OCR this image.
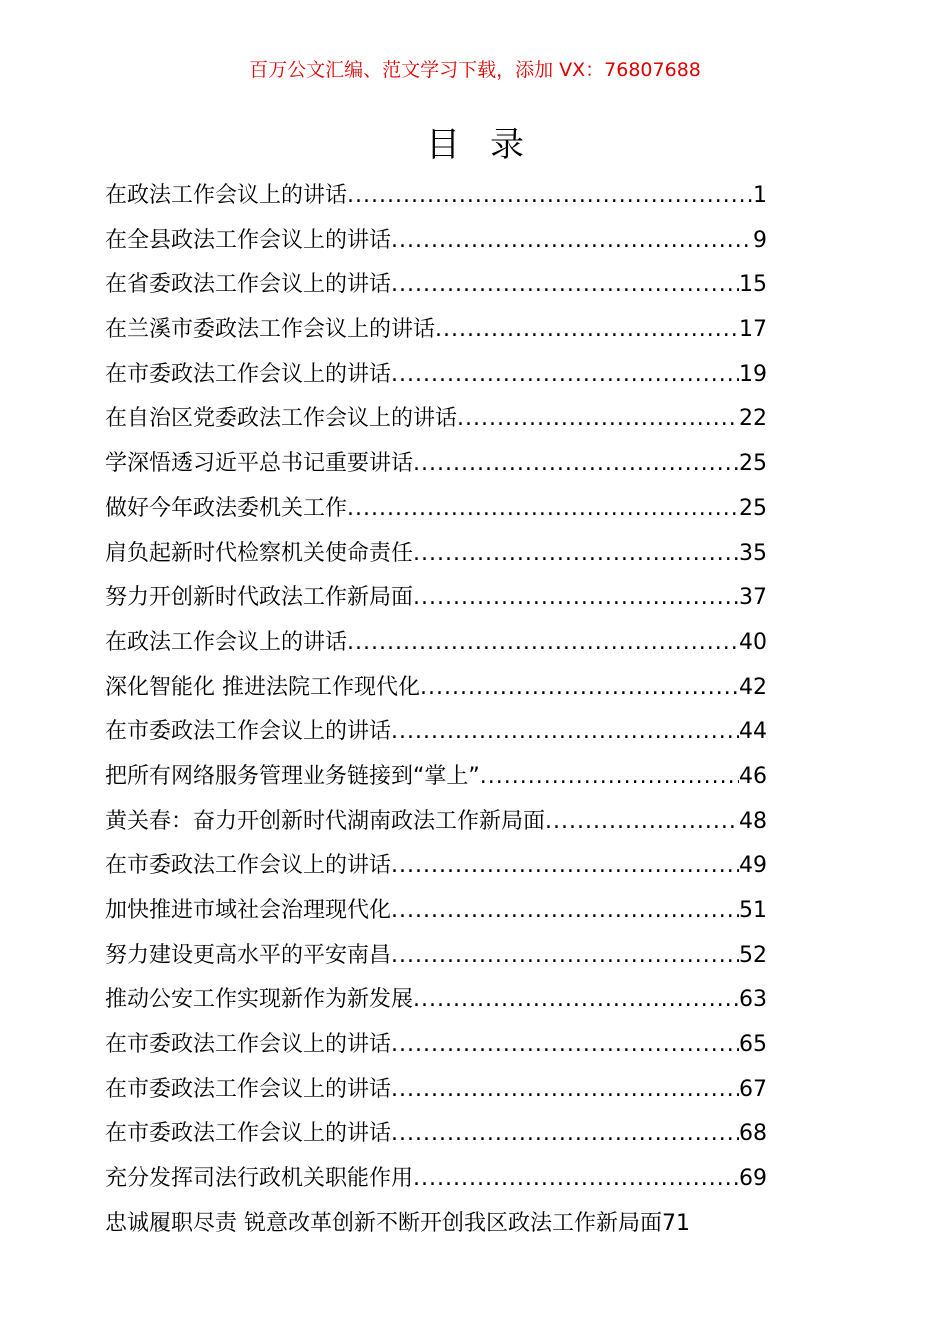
百万公文汇编、范文学习下载，添加 VX：76807688
目录
在政法工作会议上的讲话 .....	1
在全县政法工作会议上的讲话 .....	9
在省委政法工作会议上的讲话 .....	15
在兰溪市委政法工作会议上的讲话 .....	17
在市委政法工作会议上的讲话 .....	19
在自治区党委政法工作会议上的讲话 .....	22
学深悟透习近平总书记重要讲话 .....	25
做好今年政法委机关工作 .....	25
肩负起新时代检察机关使命责任 .....	35
努力开创新时代政法工作新局面 .....	37
在政法工作会议上的讲话 .....	40
深化智能化 推进法院工作现代化 .....	42
在市委政法工作会议上的讲话 .....	44
把所有网络服务管理业务链接到“掌上” .....	46
黄关春：奋力开创新时代湖南政法工作新局面 .....	48
在市委政法工作会议上的讲话 .....	49
加快推进市域社会治理现代化 .....	51
努力建设更高水平的平安南昌 .....	52
推动公安工作实现新作为新发展 .....	63
在市委政法工作会议上的讲话 .....	65
在市委政法工作会议上的讲话 .....	67
在市委政法工作会议上的讲话 .....	68
充分发挥司法行政机关职能作用 .....	69
忠诚履职尽责 锐意改革创新不断开创我区政法工作新局面 71
